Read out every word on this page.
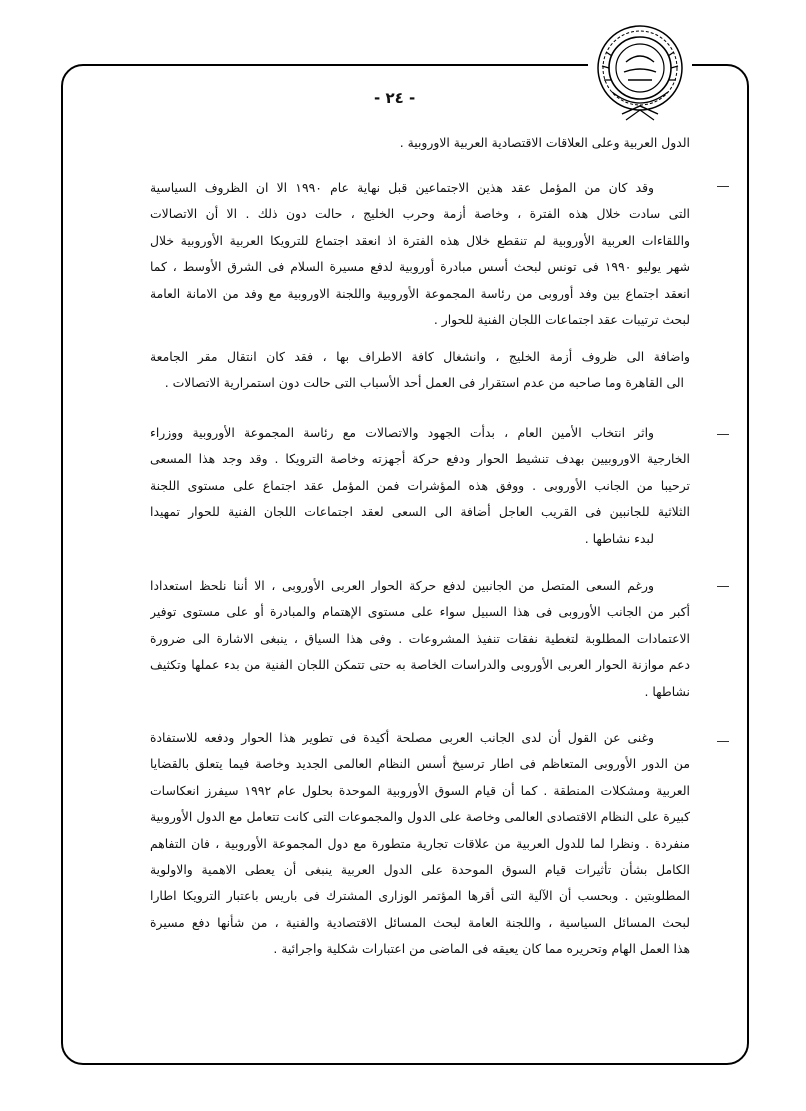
- ٢٤ -
الدول العربية وعلى العلاقات الاقتصادية العربية الاوروبية .
وقد كان من المؤمل عقد هذين الاجتماعين قبل نهاية عام ١٩٩٠ الا ان الظروف السياسية
التى سادت خلال هذه الفترة ، وخاصة أزمة وحرب الخليج ، حالت دون ذلك . الا أن الاتصالات
واللقاءات العربية الأوروبية لم تنقطع خلال هذه الفترة اذ انعقد اجتماع للترويكا العربية الأوروبية خلال
شهر يوليو ١٩٩٠ فى تونس لبحث أسس مبادرة أوروبية لدفع مسيرة السلام فى الشرق الأوسط ، كما
انعقد اجتماع بين وفد أوروبى من رئاسة المجموعة الأوروبية واللجنة الاوروبية مع وفد من الامانة العامة
لبحث ترتيبات عقد اجتماعات اللجان الفنية للحوار .
واضافة الى ظروف أزمة الخليج ، وانشغال كافة الاطراف بها ، فقد كان انتقال مقر الجامعة
الى القاهرة وما صاحبه من عدم استقرار فى العمل أحد الأسباب التى حالت دون استمرارية الاتصالات .
واثر انتخاب الأمين العام ، بدأت الجهود والاتصالات مع رئاسة المجموعة الأوروبية ووزراء
الخارجية الاوروبيين بهدف تنشيط الحوار ودفع حركة أجهزته وخاصة الترويكا . وقد وجد هذا المسعى
ترحيبا من الجانب الأوروبى . ووفق هذه المؤشرات فمن المؤمل عقد اجتماع على مستوى اللجنة
الثلاثية للجانبين فى القريب العاجل أضافة الى السعى لعقد اجتماعات اللجان الفنية للحوار تمهيدا
لبدء نشاطها .
ورغم السعى المتصل من الجانبين لدفع حركة الحوار العربى الأوروبى ، الا أننا نلحظ استعدادا
أكبر من الجانب الأوروبى فى هذا السبيل سواء على مستوى الإهتمام والمبادرة أو على مستوى توفير
الاعتمادات المطلوبة لتغطية نفقات تنفيذ المشروعات . وفى هذا السياق ، ينبغى الاشارة الى ضرورة
دعم موازنة الحوار العربى الأوروبى والدراسات الخاصة به حتى تتمكن اللجان الفنية من بدء عملها وتكثيف
نشاطها .
وغنى عن القول أن لدى الجانب العربى مصلحة أكيدة فى تطوير هذا الحوار ودفعه للاستفادة
من الدور الأوروبى المتعاظم فى اطار ترسيخ أسس النظام العالمى الجديد وخاصة فيما يتعلق بالقضايا
العربية ومشكلات المنطقة . كما أن قيام السوق الأوروبية الموحدة بحلول عام ١٩٩٢ سيفرز انعكاسات
كبيرة على النظام الاقتصادى العالمى وخاصة على الدول والمجموعات التى كانت تتعامل مع الدول الأوروبية
منفردة . ونظرا لما للدول العربية من علاقات تجارية متطورة مع دول المجموعة الأوروبية ، فان التفاهم
الكامل بشأن تأثيرات قيام السوق الموحدة على الدول العربية ينبغى أن يعطى الاهمية والاولوية
المطلوبتين . وبحسب أن الآلية التى أقرها المؤتمر الوزارى المشترك فى باريس باعتبار الترويكا اطارا
لبحث المسائل السياسية ، واللجنة العامة لبحث المسائل الاقتصادية والفنية ، من شأنها دفع مسيرة
هذا العمل الهام وتحريره مما كان يعيقه فى الماضى من اعتبارات شكلية واجرائية .
